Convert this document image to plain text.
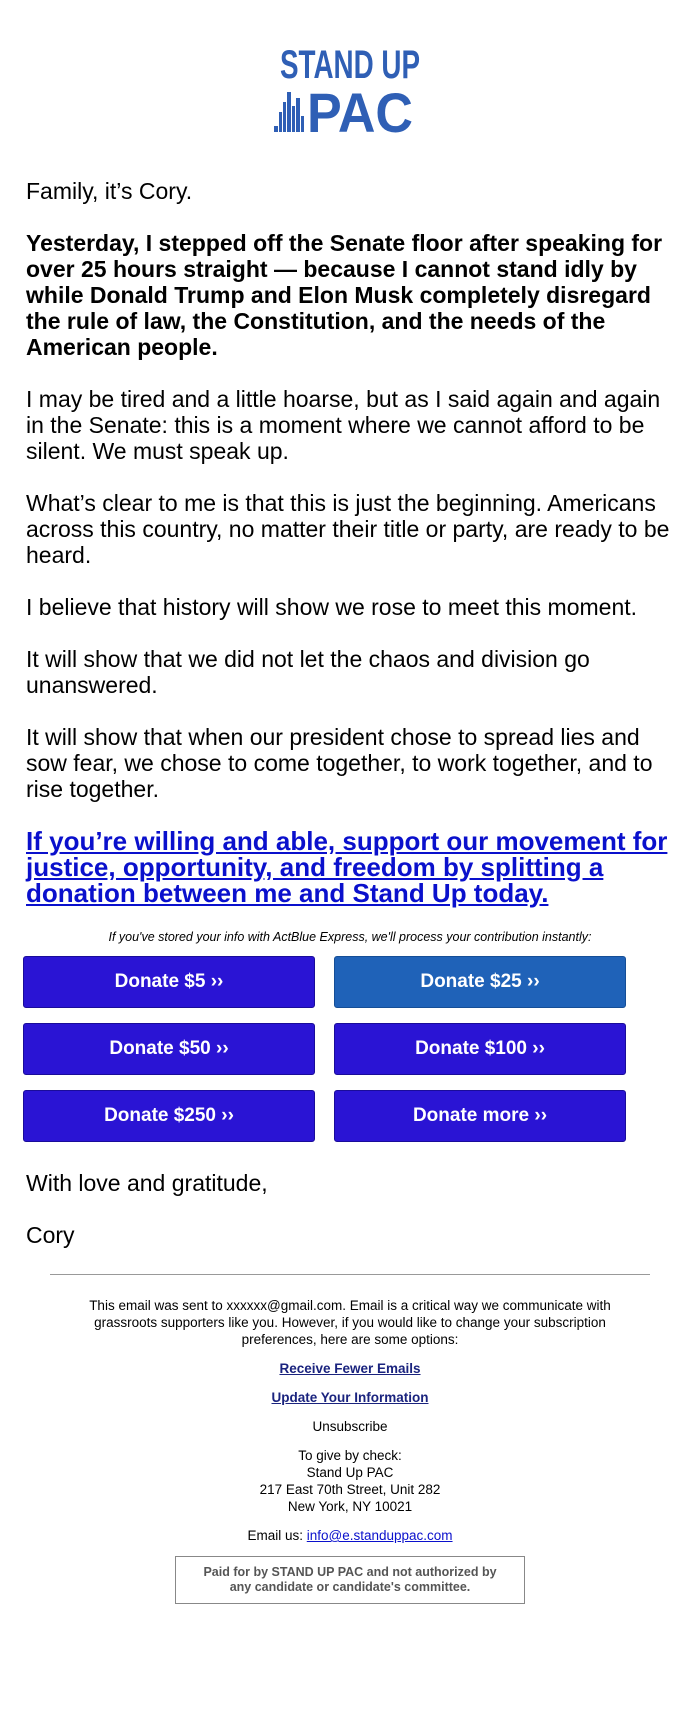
STAND UP
PAC

Family, it’s Cory.

Yesterday, I stepped off the Senate floor after speaking for over 25 hours straight — because I cannot stand idly by while Donald Trump and Elon Musk completely disregard the rule of law, the Constitution, and the needs of the American people.

I may be tired and a little hoarse, but as I said again and again in the Senate: this is a moment where we cannot afford to be silent. We must speak up.

What’s clear to me is that this is just the beginning. Americans across this country, no matter their title or party, are ready to be heard.

I believe that history will show we rose to meet this moment.

It will show that we did not let the chaos and division go unanswered.

It will show that when our president chose to spread lies and sow fear, we chose to come together, to work together, and to rise together.

If you’re willing and able, support our movement for justice, opportunity, and freedom by splitting a donation between me and Stand Up today.
If you've stored your info with ActBlue Express, we'll process your contribution instantly:
Donate $5 ››	Donate $25 ››
Donate $50 ››	Donate $100 ››
Donate $250 ››	Donate more ››

With love and gratitude,

Cory

This email was sent to xxxxxx@gmail.com. Email is a critical way we communicate with grassroots supporters like you. However, if you would like to change your subscription preferences, here are some options:
Receive Fewer Emails
Update Your Information
Unsubscribe
To give by check:
Stand Up PAC
217 East 70th Street, Unit 282
New York, NY 10021
Email us: info@e.standuppac.com
Paid for by STAND UP PAC and not authorized by any candidate or candidate's committee.
